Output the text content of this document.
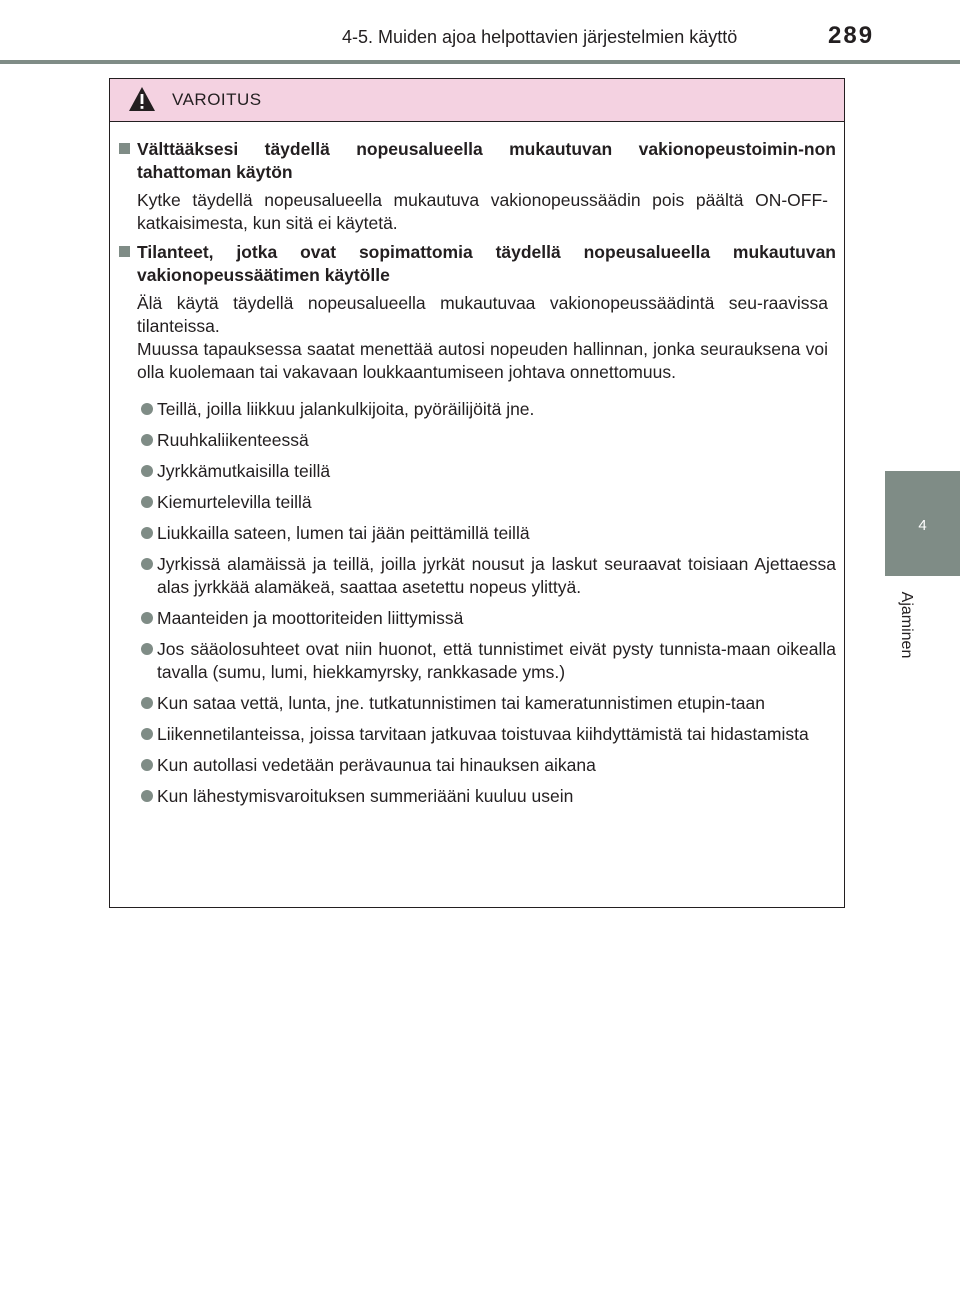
4-5. Muiden ajoa helpottavien järjestelmien käyttö	289
4
Ajaminen
VAROITUS
Välttääksesi täydellä nopeusalueella mukautuvan vakionopeustoimin-non tahattoman käytön
Kytke täydellä nopeusalueella mukautuva vakionopeussäädin pois päältä ON-OFF-katkaisimesta, kun sitä ei käytetä.
Tilanteet, jotka ovat sopimattomia täydellä nopeusalueella mukautuvan vakionopeussäätimen käytölle
Älä käytä täydellä nopeusalueella mukautuvaa vakionopeussäädintä seu-raavissa tilanteissa.
Muussa tapauksessa saatat menettää autosi nopeuden hallinnan, jonka seurauksena voi olla kuolemaan tai vakavaan loukkaantumiseen johtava onnettomuus.
Teillä, joilla liikkuu jalankulkijoita, pyöräilijöitä jne.
Ruuhkaliikenteessä
Jyrkkämutkaisilla teillä
Kiemurtelevilla teillä
Liukkailla sateen, lumen tai jään peittämillä teillä
Jyrkissä alamäissä ja teillä, joilla jyrkät nousut ja laskut seuraavat toisiaan Ajettaessa alas jyrkkää alamäkeä, saattaa asetettu nopeus ylittyä.
Maanteiden ja moottoriteiden liittymissä
Jos sääolosuhteet ovat niin huonot, että tunnistimet eivät pysty tunnista-maan oikealla tavalla (sumu, lumi, hiekkamyrsky, rankkasade yms.)
Kun sataa vettä, lunta, jne. tutkatunnistimen tai kameratunnistimen etupin-taan
Liikennetilanteissa, joissa tarvitaan jatkuvaa toistuvaa kiihdyttämistä tai hidastamista
Kun autollasi vedetään perävaunua tai hinauksen aikana
Kun lähestymisvaroituksen summeriääni kuuluu usein
